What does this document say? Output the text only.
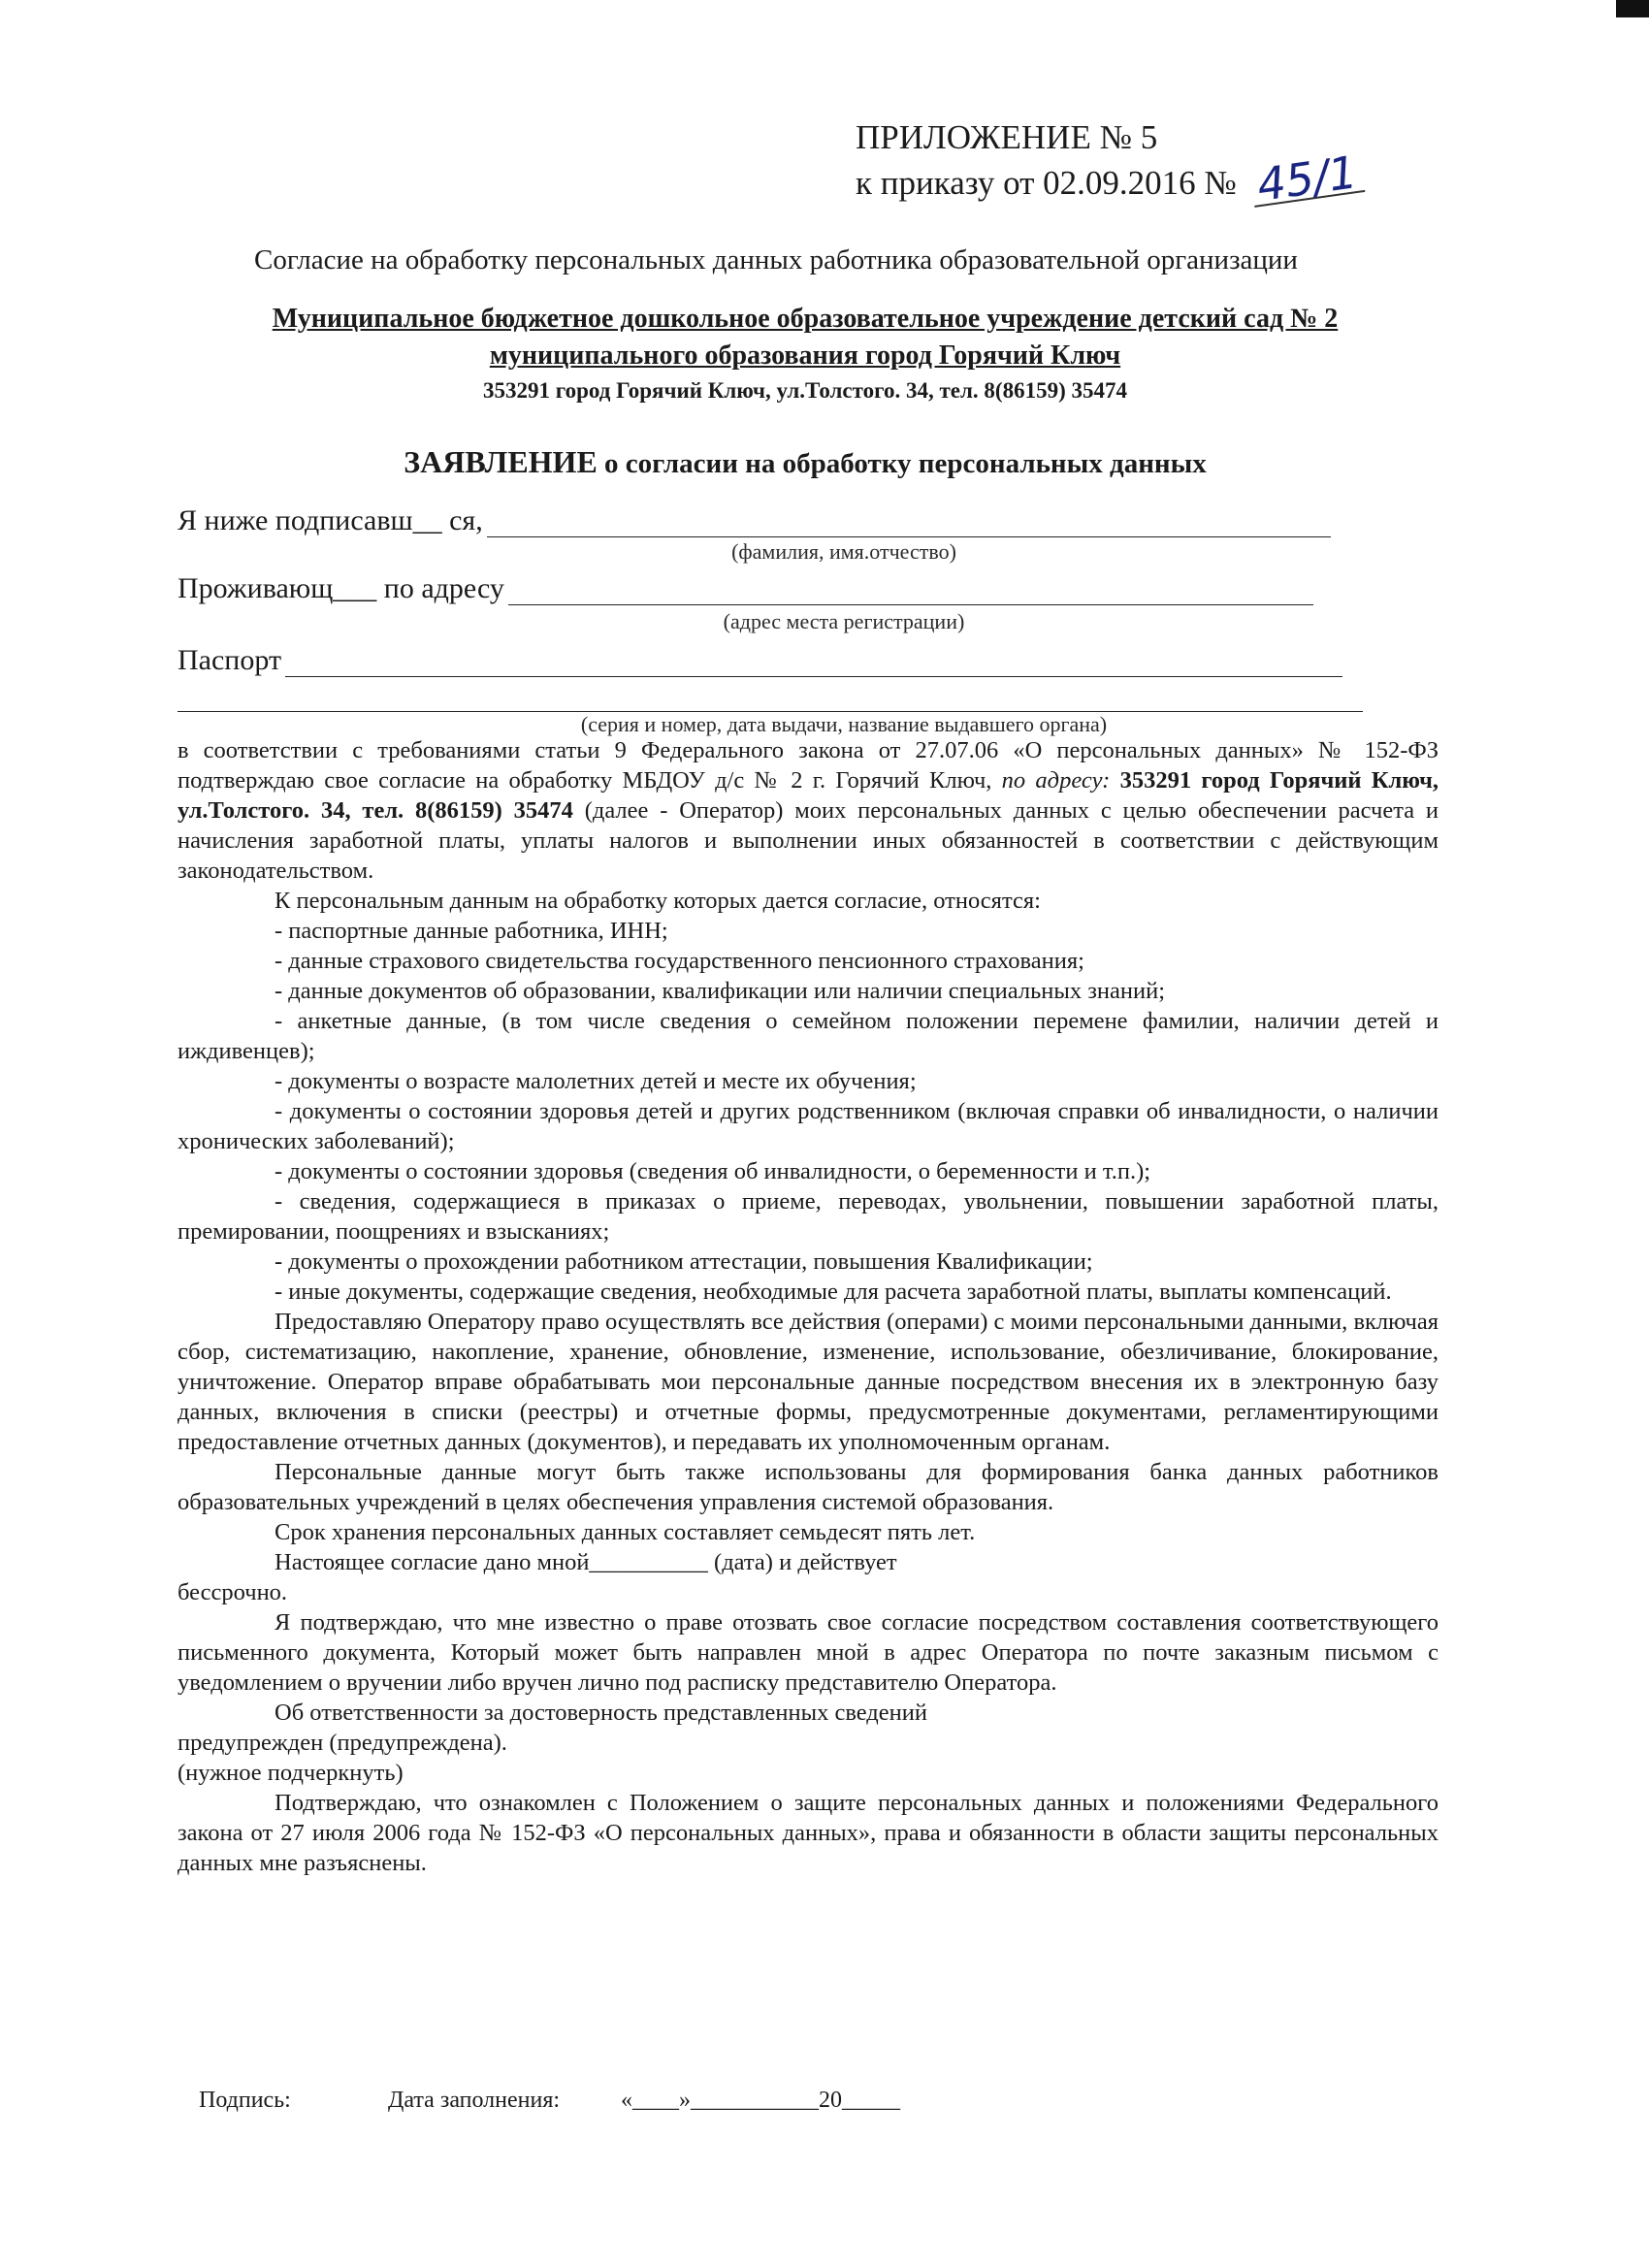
ПРИЛОЖЕНИЕ № 5
к приказу от 02.09.2016 № 45/1
Согласие на обработку персональных данных работника образовательной организации
Муниципальное бюджетное дошкольное образовательное учреждение детский сад № 2
муниципального образования город Горячий Ключ
353291 город Горячий Ключ, ул.Толстого. 34, тел. 8(86159) 35474
ЗАЯВЛЕНИЕ о согласии на обработку персональных данных
Я ниже подписавш__ ся,
(фамилия, имя.отчество)
Проживающ___ по адресу
(адрес места регистрации)
Паспорт
(серия и номер, дата выдачи, название выдавшего органа)

в соответствии с требованиями статьи 9 Федерального закона от 27.07.06 «О персональных данных» № 152-ФЗ подтверждаю свое согласие на обработку МБДОУ д/с № 2 г. Горячий Ключ, по адресу: 353291 город Горячий Ключ, ул.Толстого. 34, тел. 8(86159) 35474 (далее - Оператор) моих персональных данных с целью обеспечении расчета и начисления заработной платы, уплаты налогов и выполнении иных обязанностей в соответствии с действующим законодательством.

К персональным данным на обработку которых дается согласие, относятся:

- паспортные данные работника, ИНН;

- данные страхового свидетельства государственного пенсионного страхования;

- данные документов об образовании, квалификации или наличии специальных знаний;

- анкетные данные, (в том числе сведения о семейном положении перемене фамилии, наличии детей и иждивенцев);

- документы о возрасте малолетних детей и месте их обучения;

- документы о состоянии здоровья детей и других родственником (включая справки об инвалидности, о наличии хронических заболеваний);

- документы о состоянии здоровья (сведения об инвалидности, о беременности и т.п.);

- сведения, содержащиеся в приказах о приеме, переводах, увольнении, повышении заработной платы, премировании, поощрениях и взысканиях;

- документы о прохождении работником аттестации, повышения Квалификации;

- иные документы, содержащие сведения, необходимые для расчета заработной платы, выплаты компенсаций.

Предоставляю Оператору право осуществлять все действия (операми) с моими персональными данными, включая сбор, систематизацию, накопление, хранение, обновление, изменение, использование, обезличивание, блокирование, уничтожение. Оператор вправе обрабатывать мои персональные данные посредством внесения их в электронную базу данных, включения в списки (реестры) и отчетные формы, предусмотренные документами, регламентирующими предоставление отчетных данных (документов), и передавать их уполномоченным органам.

Персональные данные могут быть также использованы для формирования банка данных работников образовательных учреждений в целях обеспечения управления системой образования.

Срок хранения персональных данных составляет семьдесят пять лет.

Настоящее согласие дано мной__________ (дата) и действует

бессрочно.

Я подтверждаю, что мне известно о праве отозвать свое согласие посредством составления соответствующего письменного документа, Который может быть направлен мной в адрес Оператора по почте заказным письмом с уведомлением о вручении либо вручен лично под расписку представителю Оператора.

Об ответственности за достоверность представленных сведений

предупрежден (предупреждена).

(нужное подчеркнуть)

Подтверждаю, что ознакомлен с Положением о защите персональных данных и положениями Федерального закона от 27 июля 2006 года № 152-ФЗ «О персональных данных», права и обязанности в области защиты персональных данных мне разъяснены.

Подпись:	Дата заполнения:	«____»___________20_____
